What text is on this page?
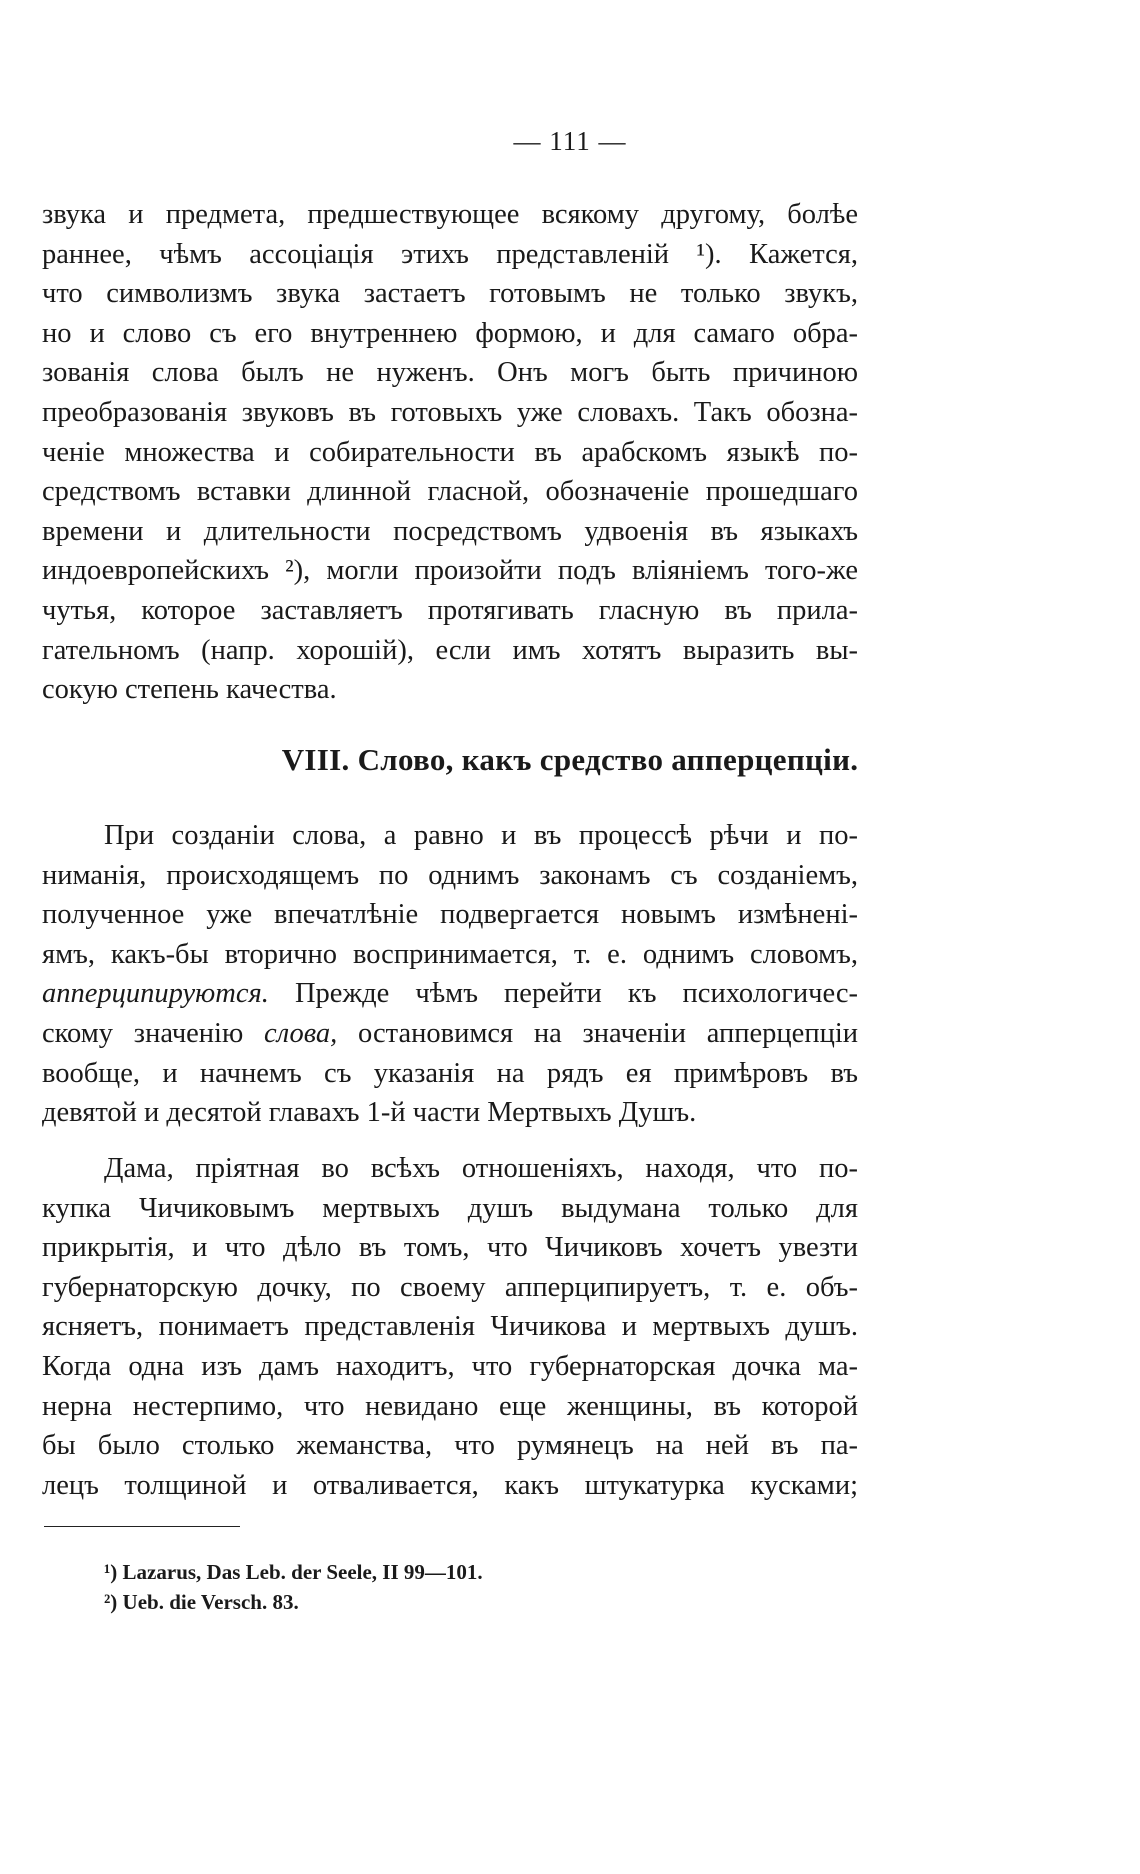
— 111 —
звука и предмета, предшествующее всякому другому, болѣе
раннее, чѣмъ ассоціація этихъ представленій ¹). Кажется,
что символизмъ звука застаетъ готовымъ не только звукъ,
но и слово съ его внутреннею формою, и для самаго обра-
зованія слова былъ не нуженъ. Онъ могъ быть причиною
преобразованія звуковъ въ готовыхъ уже словахъ. Такъ обозна-
ченіе множества и собирательности въ арабскомъ языкѣ по-
средствомъ вставки длинной гласной, обозначеніе прошедшаго
времени и длительности посредствомъ удвоенія въ языкахъ
индоевропейскихъ ²), могли произойти подъ вліяніемъ того-же
чутья, которое заставляетъ протягивать гласную въ прила-
гательномъ (напр. хорошій), если имъ хотятъ выразить вы-
сокую степень качества.
VIII. Слово, какъ средство апперцепціи.
При созданіи слова, а равно и въ процессѣ рѣчи и по-
ниманія, происходящемъ по однимъ законамъ съ созданіемъ,
полученное уже впечатлѣніе подвергается новымъ измѣнені-
ямъ, какъ-бы вторично воспринимается, т. е. однимъ словомъ,
апперципируются. Прежде чѣмъ перейти къ психологичес-
скому значенію слова, остановимся на значеніи апперцепціи
вообще, и начнемъ съ указанія на рядъ ея примѣровъ въ
девятой и десятой главахъ 1-й части Мертвыхъ Душъ.
Дама, пріятная во всѣхъ отношеніяхъ, находя, что по-
купка Чичиковымъ мертвыхъ душъ выдумана только для
прикрытія, и что дѣло въ томъ, что Чичиковъ хочетъ увезти
губернаторскую дочку, по своему апперципируетъ, т. е. объ-
ясняетъ, понимаетъ представленія Чичикова и мертвыхъ душъ.
Когда одна изъ дамъ находитъ, что губернаторская дочка ма-
нерна нестерпимо, что невидано еще женщины, въ которой
бы было столько жеманства, что румянецъ на ней въ па-
лецъ толщиной и отваливается, какъ штукатурка кусками;
¹) Lazarus, Das Leb. der Seele, II 99—101.
²) Ueb. die Versch. 83.
